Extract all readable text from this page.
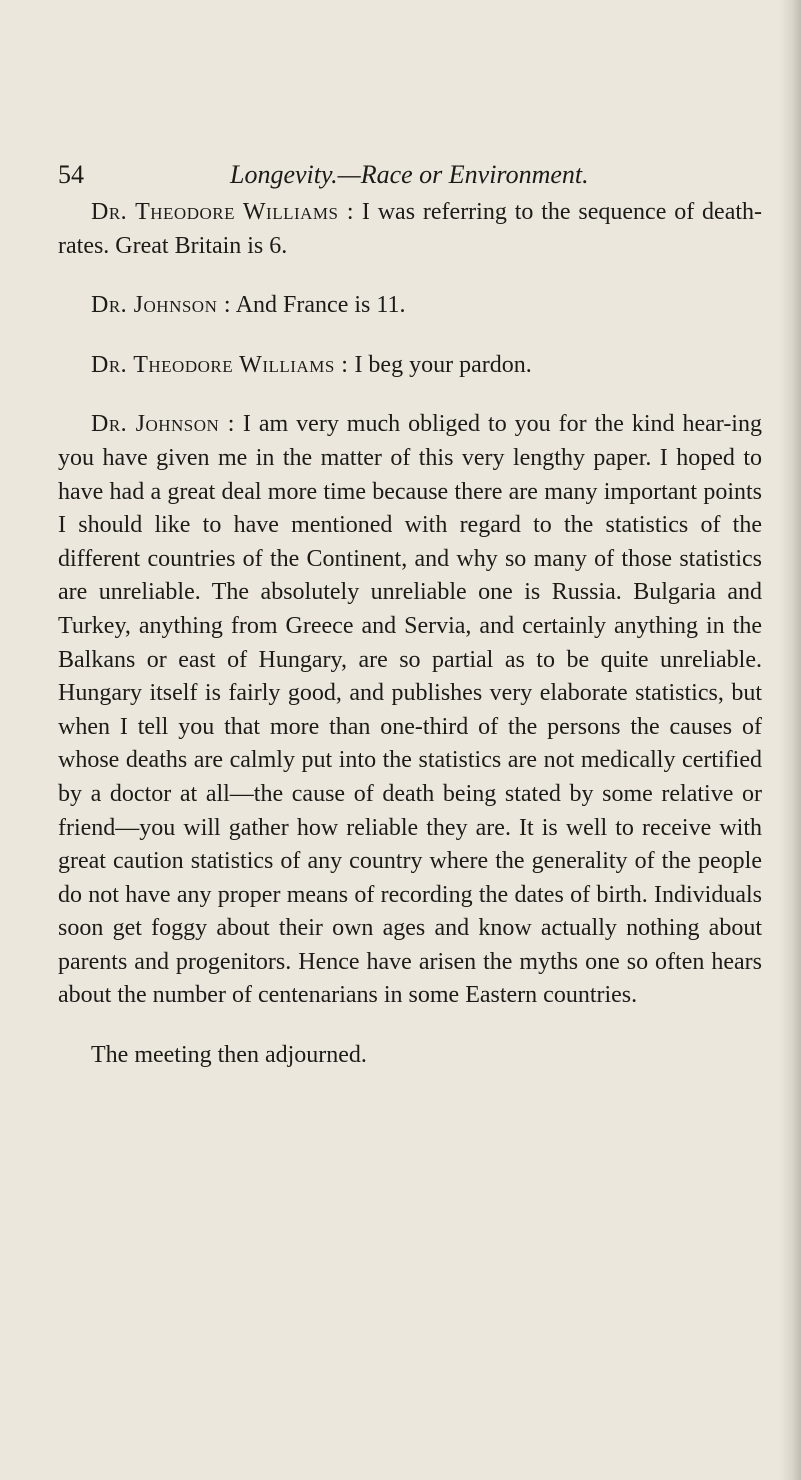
54	Longevity.—Race or Environment.

Dr. Theodore Williams : I was referring to the sequence of death-rates. Great Britain is 6.

Dr. Johnson : And France is 11.

Dr. Theodore Williams : I beg your pardon.

Dr. Johnson : I am very much obliged to you for the kind hear-ing you have given me in the matter of this very lengthy paper. I hoped to have had a great deal more time because there are many important points I should like to have mentioned with regard to the statistics of the different countries of the Continent, and why so many of those statistics are unreliable. The absolutely unreliable one is Russia. Bulgaria and Turkey, anything from Greece and Servia, and certainly anything in the Balkans or east of Hungary, are so partial as to be quite unreliable. Hungary itself is fairly good, and publishes very elaborate statistics, but when I tell you that more than one-third of the persons the causes of whose deaths are calmly put into the statistics are not medically certified by a doctor at all—the cause of death being stated by some relative or friend—you will gather how reliable they are. It is well to receive with great caution statistics of any country where the generality of the people do not have any proper means of recording the dates of birth. Individuals soon get foggy about their own ages and know actually nothing about parents and progenitors. Hence have arisen the myths one so often hears about the number of centenarians in some Eastern countries.

The meeting then adjourned.
